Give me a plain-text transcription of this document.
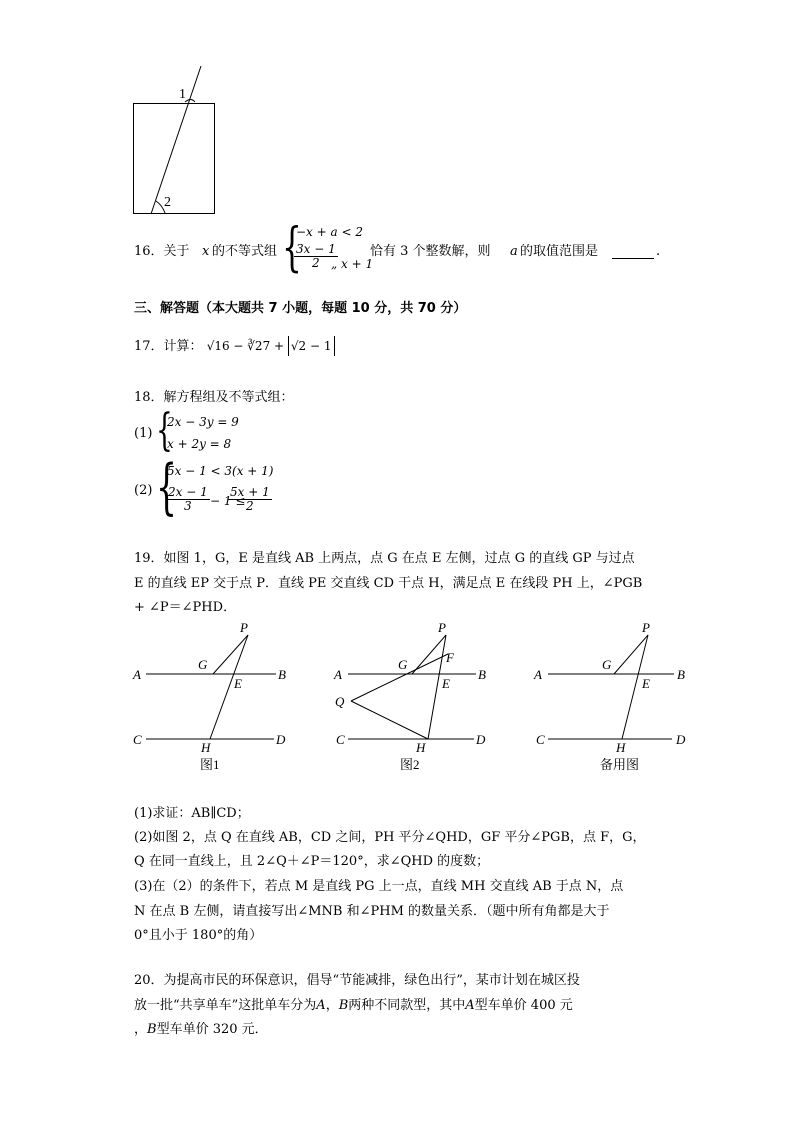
1
2
16．关于 x 的不等式组 {
−x + a < 2
$\frac{3x - 1}{2}$
„ x + 1
恰有 3 个整数解，则 a 的取值范围是	.
三、解答题（本大题共 7 小题，每题 10 分，共 70 分）
17．计算： √16 − ∛27 + √2 − 1
18．解方程组及不等式组：
(1) {
2x − 3y = 9
x + 2y = 8
(2) {
5x − 1 < 3(x + 1)
$\frac{2x - 1}{3} - 1$ ≤
$\frac{5x + 1}{2}$
19．如图 1，G，E 是直线 AB 上两点，点 G 在点 E 左侧，过点 G 的直线 GP 与过点
E 的直线 EP 交于点 P．直线 PE 交直线 CD 干点 H，满足点 E 在线段 PH 上，∠PGB
+ ∠P＝∠PHD．
A	B
C	D
G
E
H
P
图1
A	B
C	D
G
E
F
H
P
Q
图2
A	B
C	D
G
E
H
P
备用图
(1)求证：AB∥CD；
(2)如图 2，点 Q 在直线 AB，CD 之间，PH 平分∠QHD，GF 平分∠PGB，点 F，G，
Q 在同一直线上，且 2∠Q＋∠P＝120°，求∠QHD 的度数；
(3)在（2）的条件下，若点 M 是直线 PG 上一点，直线 MH 交直线 AB 于点 N，点
N 在点 B 左侧，请直接写出∠MNB 和∠PHM 的数量关系．（题中所有角都是大于
0°且小于 180°的角）
20．为提高市民的环保意识，倡导“节能减排，绿色出行”，某市计划在城区投
放一批“共享单车”这批单车分为A，B两种不同款型，其中A型车单价 400 元
，B型车单价 320 元．
